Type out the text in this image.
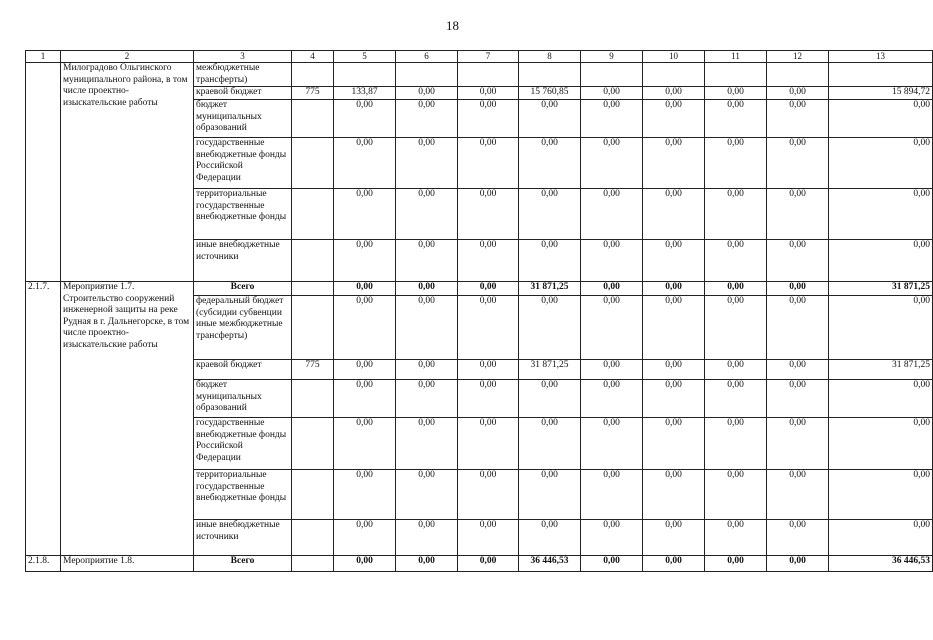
18
1	2	3	4	5	6	7	8	9	10	11	12	13
	Милоградово Ольгинского муниципального района, в том числе проектно-изыскательские работы	межбюджетные трансферты)										
		краевой бюджет	775	133,87	0,00	0,00	15 760,85	0,00	0,00	0,00	0,00	15 894,72
		бюджет муниципальных образований		0,00	0,00	0,00	0,00	0,00	0,00	0,00	0,00	0,00
		государственные внебюджетные фонды Российской Федерации		0,00	0,00	0,00	0,00	0,00	0,00	0,00	0,00	0,00
		территориальные государственные внебюджетные фонды		0,00	0,00	0,00	0,00	0,00	0,00	0,00	0,00	0,00
		иные внебюджетные источники		0,00	0,00	0,00	0,00	0,00	0,00	0,00	0,00	0,00
2.1.7.	Мероприятие 1.7. Строительство сооружений инженерной защиты на реке Рудная в г. Дальнегорске, в том числе проектно-изыскательские работы	Всего		0,00	0,00	0,00	31 871,25	0,00	0,00	0,00	0,00	31 871,25
		федеральный бюджет (субсидии субвенции иные межбюджетные трансферты)		0,00	0,00	0,00	0,00	0,00	0,00	0,00	0,00	0,00
		краевой бюджет	775	0,00	0,00	0,00	31 871,25	0,00	0,00	0,00	0,00	31 871,25
		бюджет муниципальных образований		0,00	0,00	0,00	0,00	0,00	0,00	0,00	0,00	0,00
		государственные внебюджетные фонды Российской Федерации		0,00	0,00	0,00	0,00	0,00	0,00	0,00	0,00	0,00
		территориальные государственные внебюджетные фонды		0,00	0,00	0,00	0,00	0,00	0,00	0,00	0,00	0,00
		иные внебюджетные источники		0,00	0,00	0,00	0,00	0,00	0,00	0,00	0,00	0,00
2.1.8.	Мероприятие 1.8.	Всего		0,00	0,00	0,00	36 446,53	0,00	0,00	0,00	0,00	36 446,53
